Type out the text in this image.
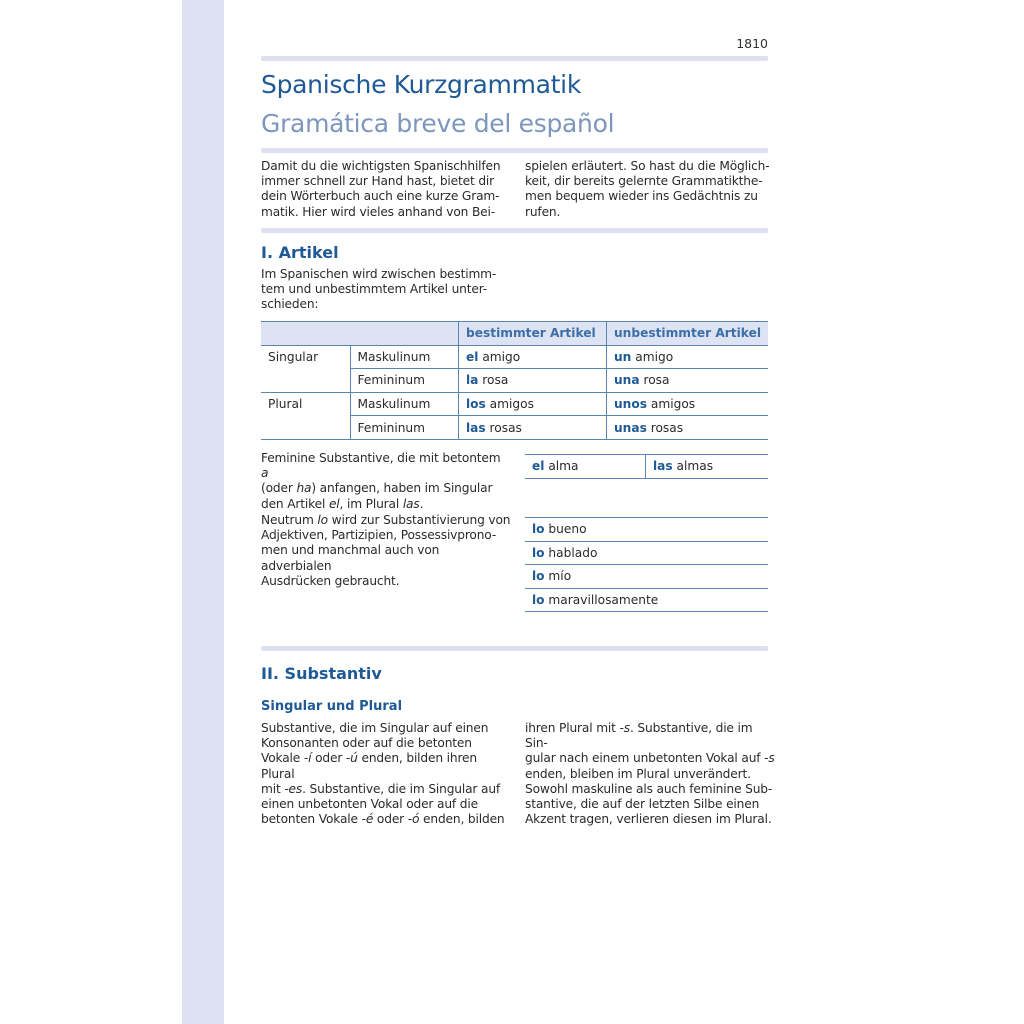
1810
Spanische Kurzgrammatik
Gramática breve del español
Damit du die wichtigsten Spanischhilfen
immer schnell zur Hand hast, bietet dir
dein Wörterbuch auch eine kurze Gram-
matik. Hier wird vieles anhand von Bei-
spielen erläutert. So hast du die Möglich-
keit, dir bereits gelernte Grammatikthe-
men bequem wieder ins Gedächtnis zu
rufen.
I. Artikel
Im Spanischen wird zwischen bestimm-
tem und unbestimmtem Artikel unter-
schieden:
		bestimmter Artikel	unbestimmter Artikel
Singular	Maskulinum	el amigo	un amigo
	Femininum	la rosa	una rosa
Plural	Maskulinum	los amigos	unos amigos
	Femininum	las rosas	unas rosas
Feminine Substantive, die mit betontem a
(oder ha) anfangen, haben im Singular
den Artikel el, im Plural las.
el alma	las almas
Neutrum lo wird zur Substantivierung von
Adjektiven, Partizipien, Possessivprono-
men und manchmal auch von adverbialen
Ausdrücken gebraucht.
lo bueno
lo hablado
lo mío
lo maravillosamente
II. Substantiv
Singular und Plural
Substantive, die im Singular auf einen
Konsonanten oder auf die betonten
Vokale -í oder -ú enden, bilden ihren Plural
mit -es. Substantive, die im Singular auf
einen unbetonten Vokal oder auf die
betonten Vokale -é oder -ó enden, bilden
ihren Plural mit -s. Substantive, die im Sin-
gular nach einem unbetonten Vokal auf -s
enden, bleiben im Plural unverändert.
Sowohl maskuline als auch feminine Sub-
stantive, die auf der letzten Silbe einen
Akzent tragen, verlieren diesen im Plural.
